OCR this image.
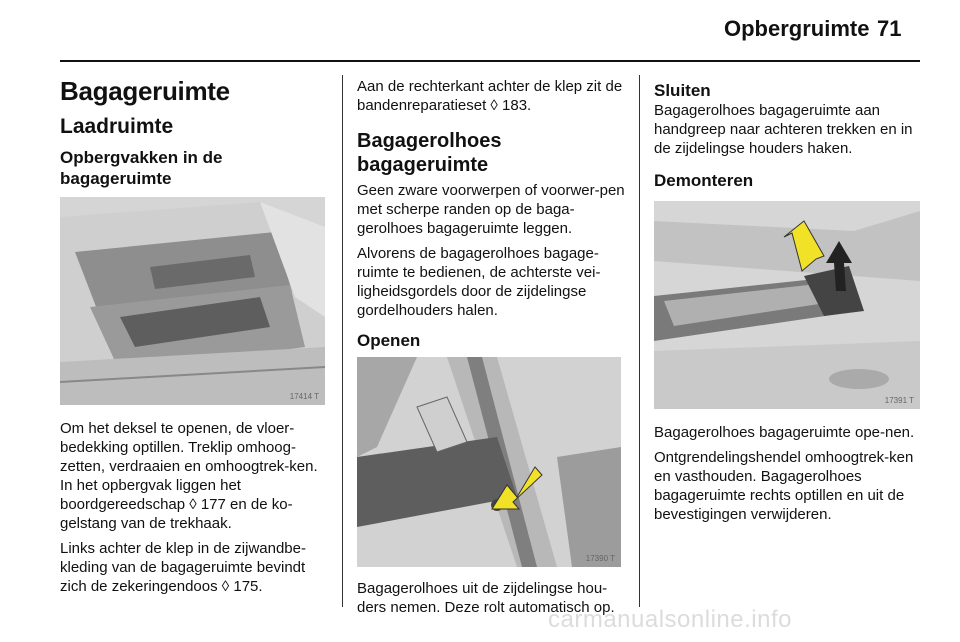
Opbergruimte 71
Bagageruimte
Laadruimte
Opbergvakken in de bagageruimte
17414 T

Om het deksel te openen, de vloer-bedekking optillen. Treklip omhoog-zetten, verdraaien en omhoogtrek-ken. In het opbergvak liggen het boordgereedschap ◊ 177 en de ko-gelstang van de trekhaak.

Links achter de klep in de zijwandbe-kleding van de bagageruimte bevindt zich de zekeringendoos ◊ 175.

Aan de rechterkant achter de klep zit de bandenreparatieset ◊ 183.

Bagagerolhoes bagageruimte

Geen zware voorwerpen of voorwer-pen met scherpe randen op de baga-gerolhoes bagageruimte leggen.

Alvorens de bagagerolhoes bagage-ruimte te bedienen, de achterste vei-ligheidsgordels door de zijdelingse gordelhouders halen.

Openen
17390 T

Bagagerolhoes uit de zijdelingse hou-ders nemen. Deze rolt automatisch op.

Sluiten

Bagagerolhoes bagageruimte aan handgreep naar achteren trekken en in de zijdelingse houders haken.

Demonteren
17391 T

Bagagerolhoes bagageruimte ope-nen.

Ontgrendelingshendel omhoogtrek-ken en vasthouden. Bagagerolhoes bagageruimte rechts optillen en uit de bevestigingen verwijderen.

carmanualsonline.info
